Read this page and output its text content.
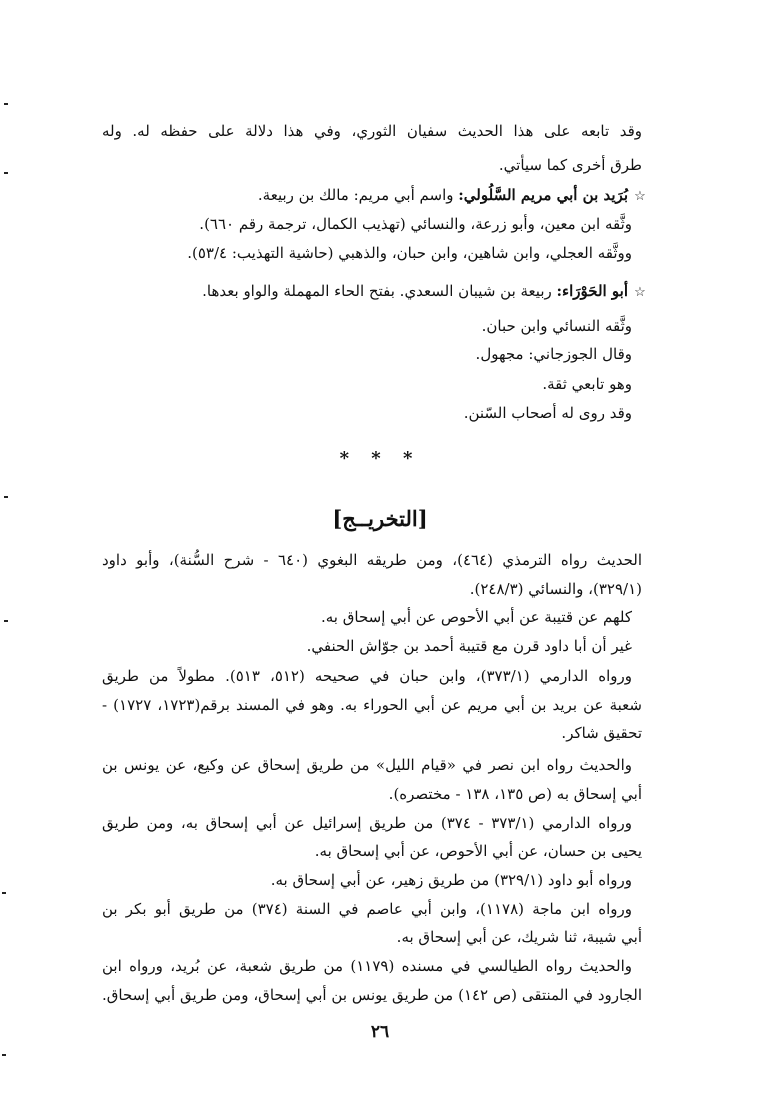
وقد تابعه على هذا الحديث سفيان الثوري، وفي هذا دلالة على حفظه له. وله
طرق أخرى كما سيأتي.
☆بُرَيد بن أبي مريم السَّلُولي: واسم أبي مريم: مالك بن ربيعة.
وثَّقه ابن معين، وأبو زرعة، والنسائي (تهذيب الكمال، ترجمة رقم ٦٦٠).
ووثَّقه العجلي، وابن شاهين، وابن حبان، والذهبي (حاشية التهذيب: ٥٣/٤).
☆أبو الحَوْرَاء: ربيعة بن شيبان السعدي. بفتح الحاء المهملة والواو بعدها.
وثَّقه النسائي وابن حبان.
وقال الجوزجاني: مجهول.
وهو تابعي ثقة.
وقد روى له أصحاب السّنن.
* * *
[التخريــج]
الحديث رواه الترمذي (٤٦٤)، ومن طريقه البغوي (٦٤٠ - شرح السُّنة)، وأبو داود
(٣٢٩/١)، والنسائي (٢٤٨/٣).
كلهم عن قتيبة عن أبي الأحوص عن أبي إسحاق به.
غير أن أبا داود قرن مع قتيبة أحمد بن جوّاش الحنفي.
ورواه الدارمي (٣٧٣/١)، وابن حبان في صحيحه (٥١٢، ٥١٣). مطولاً من طريق
شعبة عن بريد بن أبي مريم عن أبي الحوراء به. وهو في المسند برقم(١٧٢٣، ١٧٢٧) -
تحقيق شاكر.
والحديث رواه ابن نصر في «قيام الليل» من طريق إسحاق عن وكيع، عن يونس بن
أبي إسحاق به (ص ١٣٥، ١٣٨ - مختصره).
ورواه الدارمي (٣٧٣/١ - ٣٧٤) من طريق إسرائيل عن أبي إسحاق به، ومن طريق
يحيى بن حسان، عن أبي الأحوص، عن أبي إسحاق به.
ورواه أبو داود (٣٢٩/١) من طريق زهير، عن أبي إسحاق به.
ورواه ابن ماجة (١١٧٨)، وابن أبي عاصم في السنة (٣٧٤) من طريق أبو بكر بن
أبي شيبة، ثنا شريك، عن أبي إسحاق به.
والحديث رواه الطيالسي في مسنده (١١٧٩) من طريق شعبة، عن بُريد، ورواه ابن
الجارود في المنتقى (ص ١٤٢) من طريق يونس بن أبي إسحاق، ومن طريق أبي إسحاق.
٢٦
